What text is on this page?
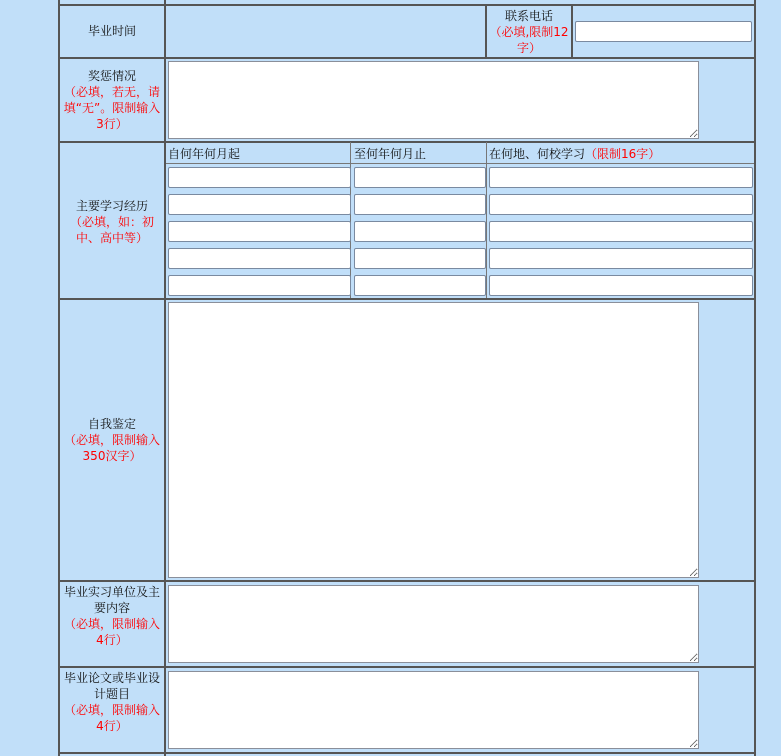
毕业时间
联系电话
（必填,限制12字）
奖惩情况
（必填，若无，请填“无”。限制输入3行）
主要学习经历
（必填，如：初中、高中等）
自何年何月起	至何年何月止	在何地、何校学习（限制16字）
自我鉴定
（必填，限制输入350汉字）
毕业实习单位及主要内容
（必填，限制输入4行）
毕业论文或毕业设计题目
（必填，限制输入4行）
